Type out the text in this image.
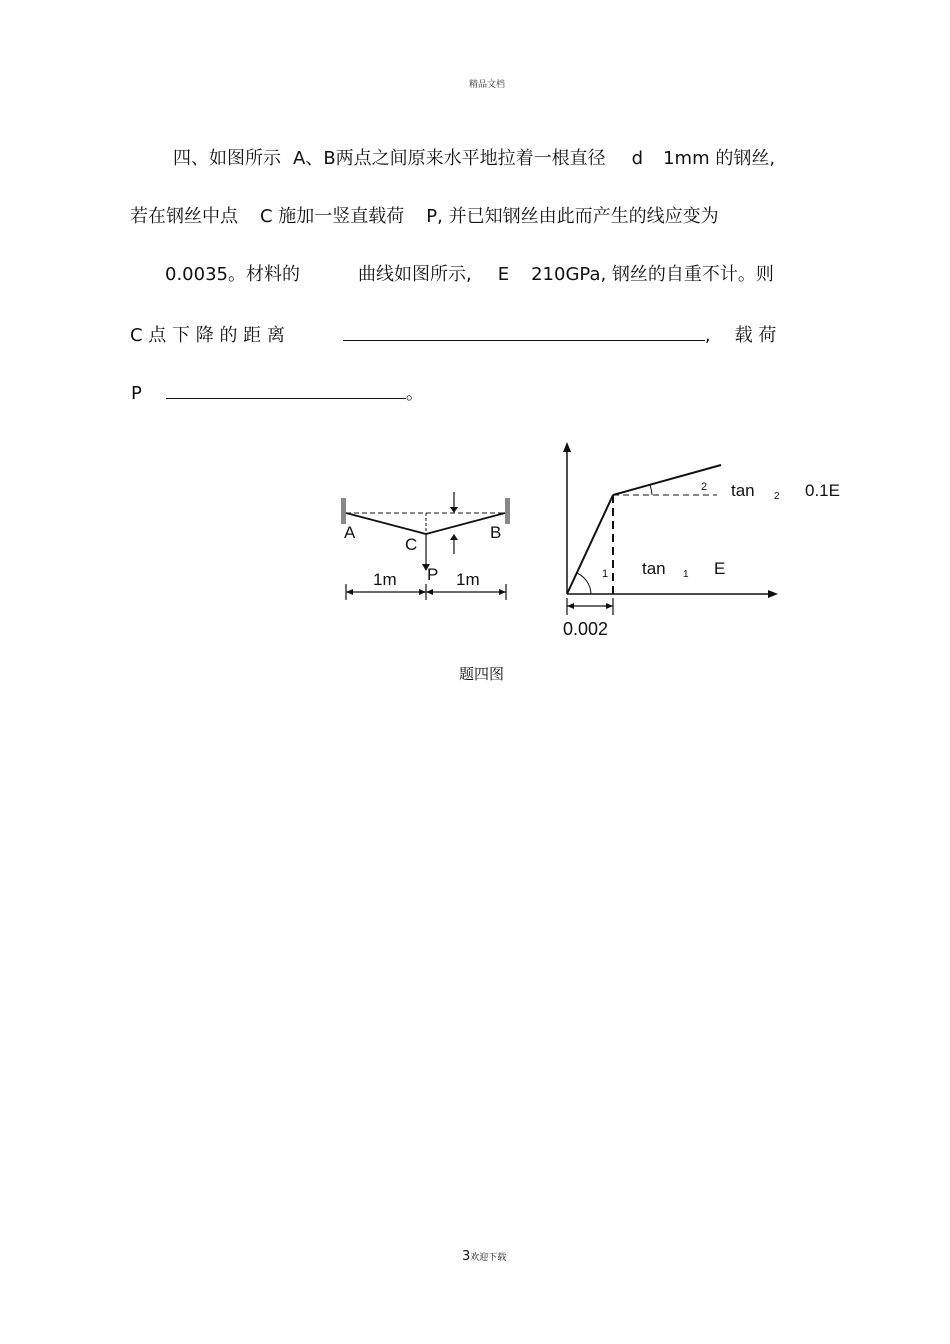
精品文档
四、如图所示 A、B两点之间原来水平地拉着一根直径 d 1mm 的钢丝,
若在钢丝中点 C 施加一竖直载荷 P, 并已知钢丝由此而产生的线应变为
0.0035。材料的	曲线如图所示, E 210GPa, 钢丝的自重不计。则
C 点 下 降 的 距 离	, 载 荷
P	。
A	B
C
P
1m	1m
2 tan 2 0.1E
1 tan 1 E
0.002
题四图
3欢迎下载
